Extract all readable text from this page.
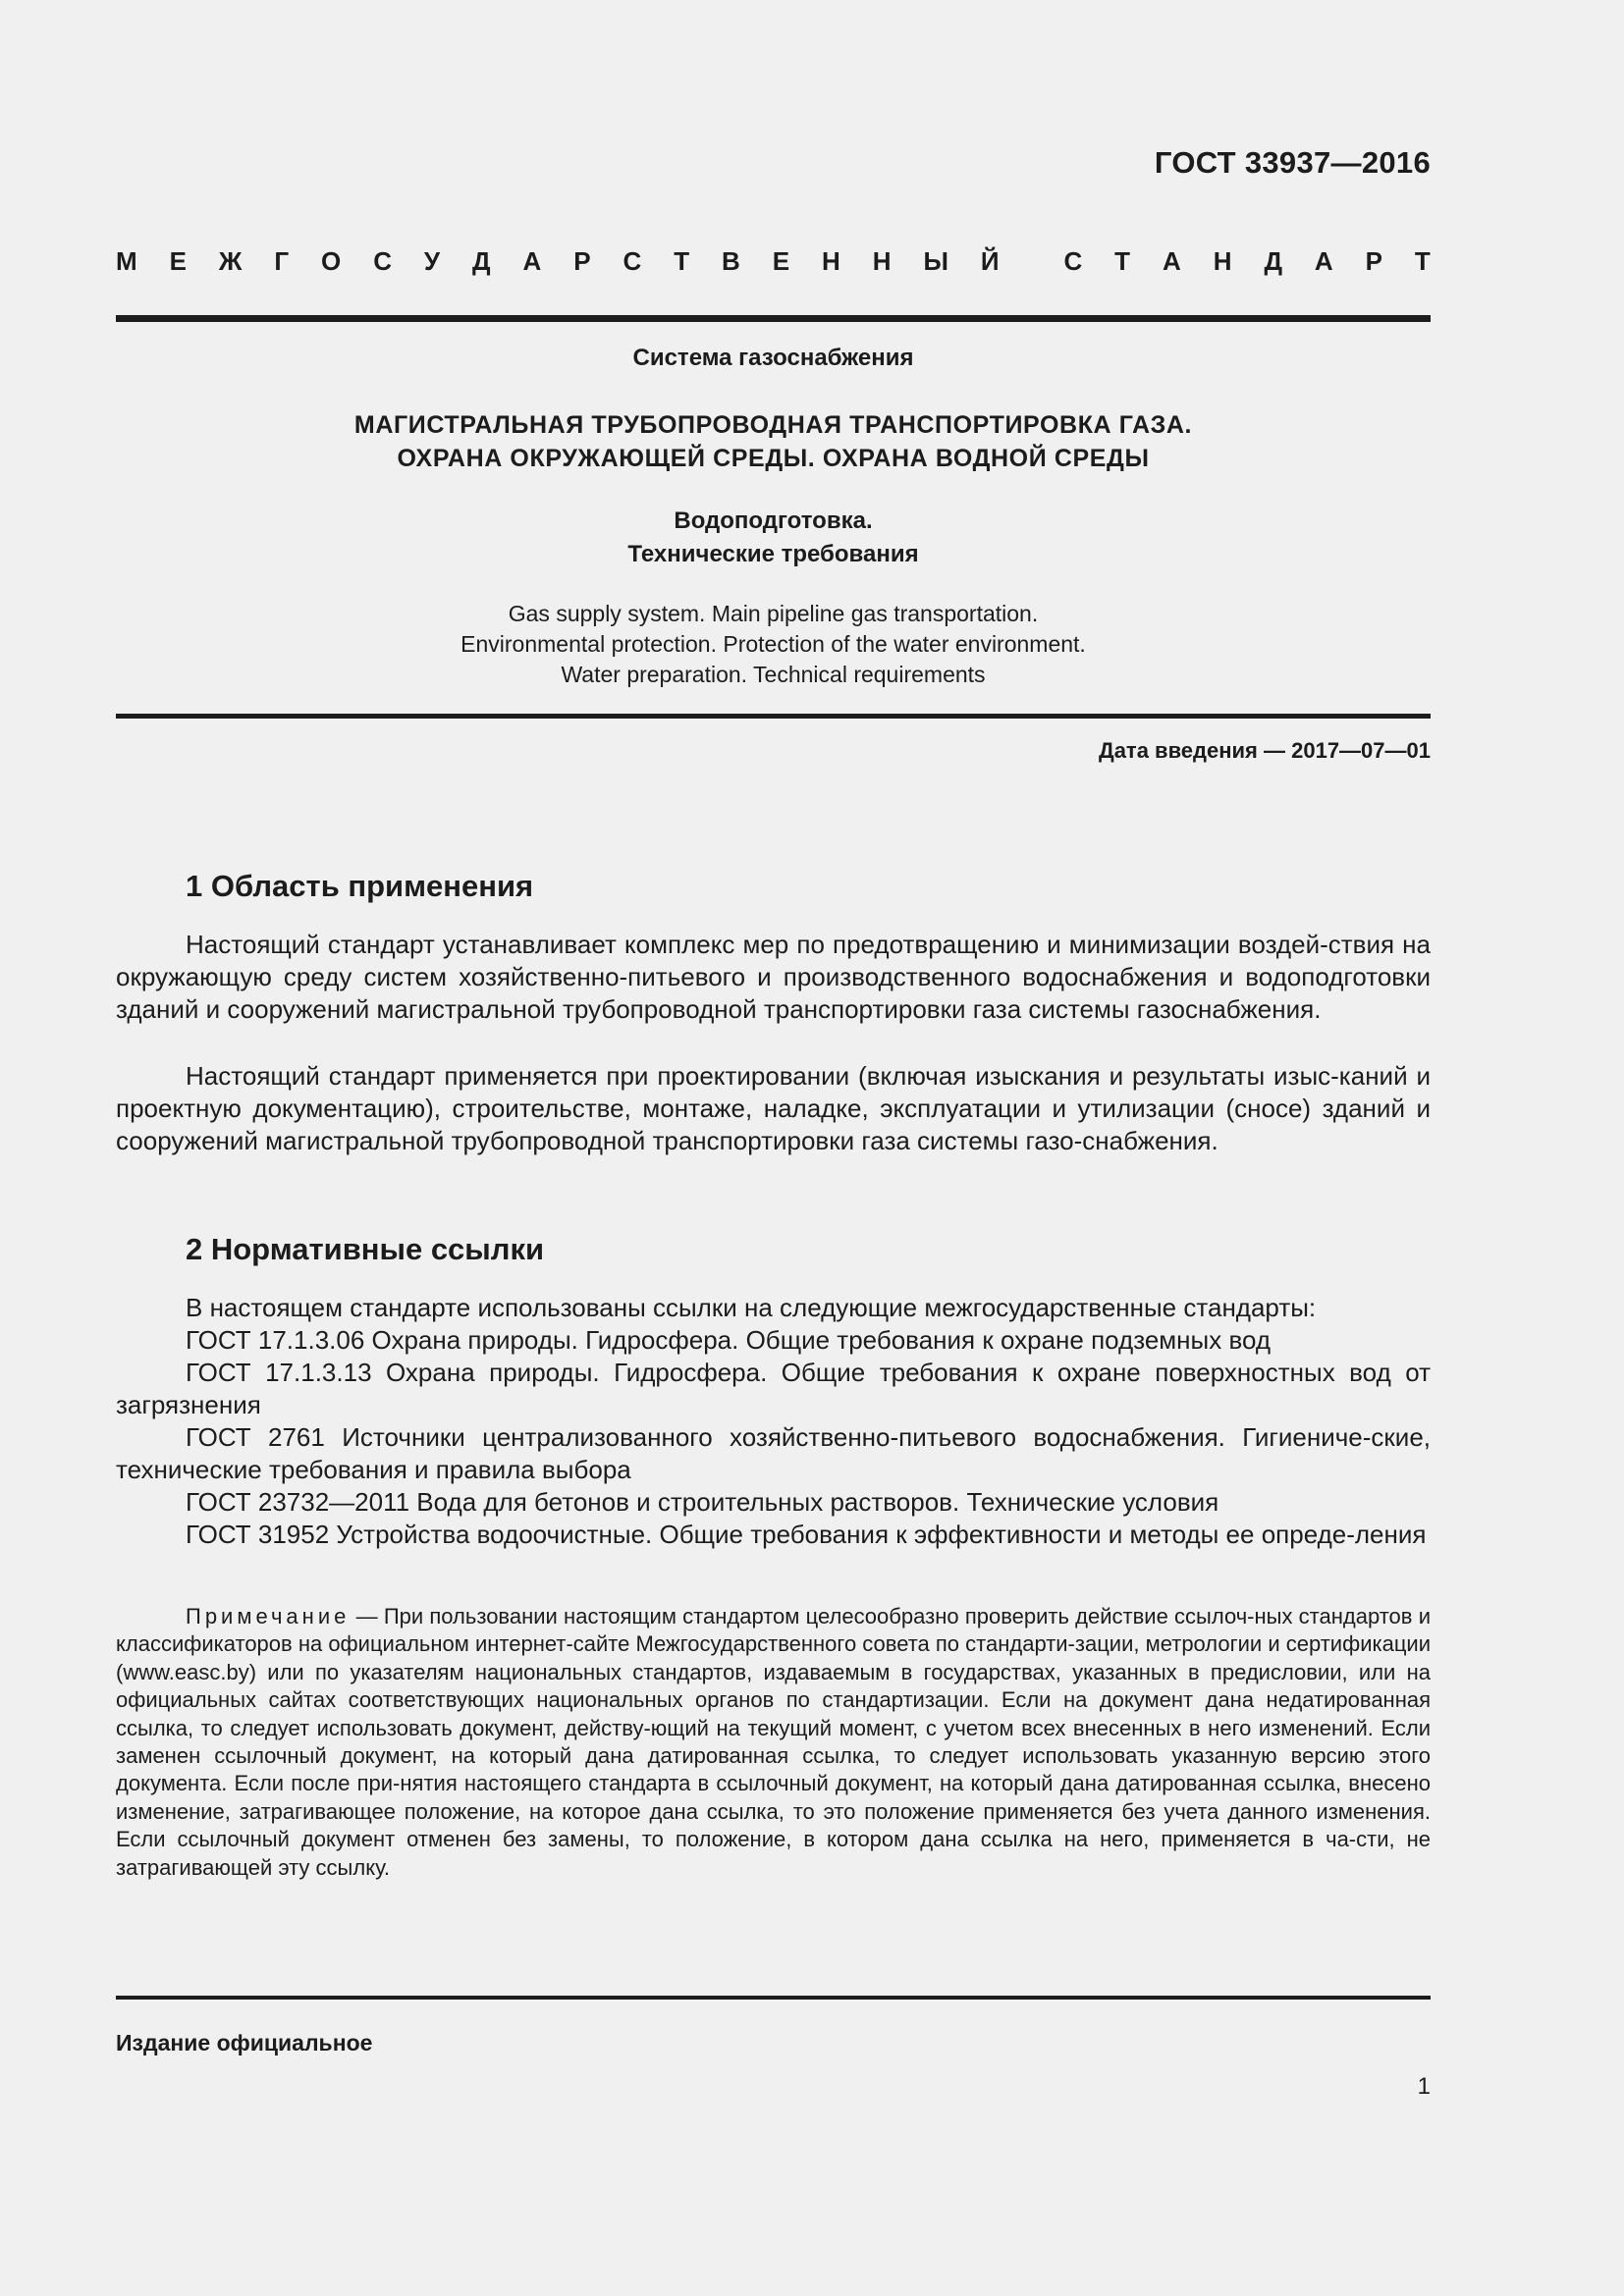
ГОСТ 33937—2016
М Е Ж Г О С У Д А Р С Т В Е Н Н Ы Й	С Т А Н Д А Р Т
Система газоснабжения
МАГИСТРАЛЬНАЯ ТРУБОПРОВОДНАЯ ТРАНСПОРТИРОВКА ГАЗА.
ОХРАНА ОКРУЖАЮЩЕЙ СРЕДЫ. ОХРАНА ВОДНОЙ СРЕДЫ
Водоподготовка.
Технические требования
Gas supply system. Main pipeline gas transportation.
Environmental protection. Protection of the water environment.
Water preparation. Technical requirements
Дата введения — 2017—07—01
1 Область применения

Настоящий стандарт устанавливает комплекс мер по предотвращению и минимизации воздей-ствия на окружающую среду систем хозяйственно-питьевого и производственного водоснабжения и водоподготовки зданий и сооружений магистральной трубопроводной транспортировки газа системы газоснабжения.

Настоящий стандарт применяется при проектировании (включая изыскания и результаты изыс-каний и проектную документацию), строительстве, монтаже, наладке, эксплуатации и утилизации (сносе) зданий и сооружений магистральной трубопроводной транспортировки газа системы газо-снабжения.

2 Нормативные ссылки

В настоящем стандарте использованы ссылки на следующие межгосударственные стандарты:

ГОСТ 17.1.3.06 Охрана природы. Гидросфера. Общие требования к охране подземных вод

ГОСТ 17.1.3.13 Охрана природы. Гидросфера. Общие требования к охране поверхностных вод от загрязнения

ГОСТ 2761 Источники централизованного хозяйственно-питьевого водоснабжения. Гигиениче-ские, технические требования и правила выбора

ГОСТ 23732—2011 Вода для бетонов и строительных растворов. Технические условия

ГОСТ 31952 Устройства водоочистные. Общие требования к эффективности и методы ее опреде-ления

Примечание — При пользовании настоящим стандартом целесообразно проверить действие ссылоч-ных стандартов и классификаторов на официальном интернет-сайте Межгосударственного совета по стандарти-зации, метрологии и сертификации (www.easc.by) или по указателям национальных стандартов, издаваемым в государствах, указанных в предисловии, или на официальных сайтах соответствующих национальных органов по стандартизации. Если на документ дана недатированная ссылка, то следует использовать документ, действу-ющий на текущий момент, с учетом всех внесенных в него изменений. Если заменен ссылочный документ, на который дана датированная ссылка, то следует использовать указанную версию этого документа. Если после при-нятия настоящего стандарта в ссылочный документ, на который дана датированная ссылка, внесено изменение, затрагивающее положение, на которое дана ссылка, то это положение применяется без учета данного изменения. Если ссылочный документ отменен без замены, то положение, в котором дана ссылка на него, применяется в ча-сти, не затрагивающей эту ссылку.

Издание официальное
1
